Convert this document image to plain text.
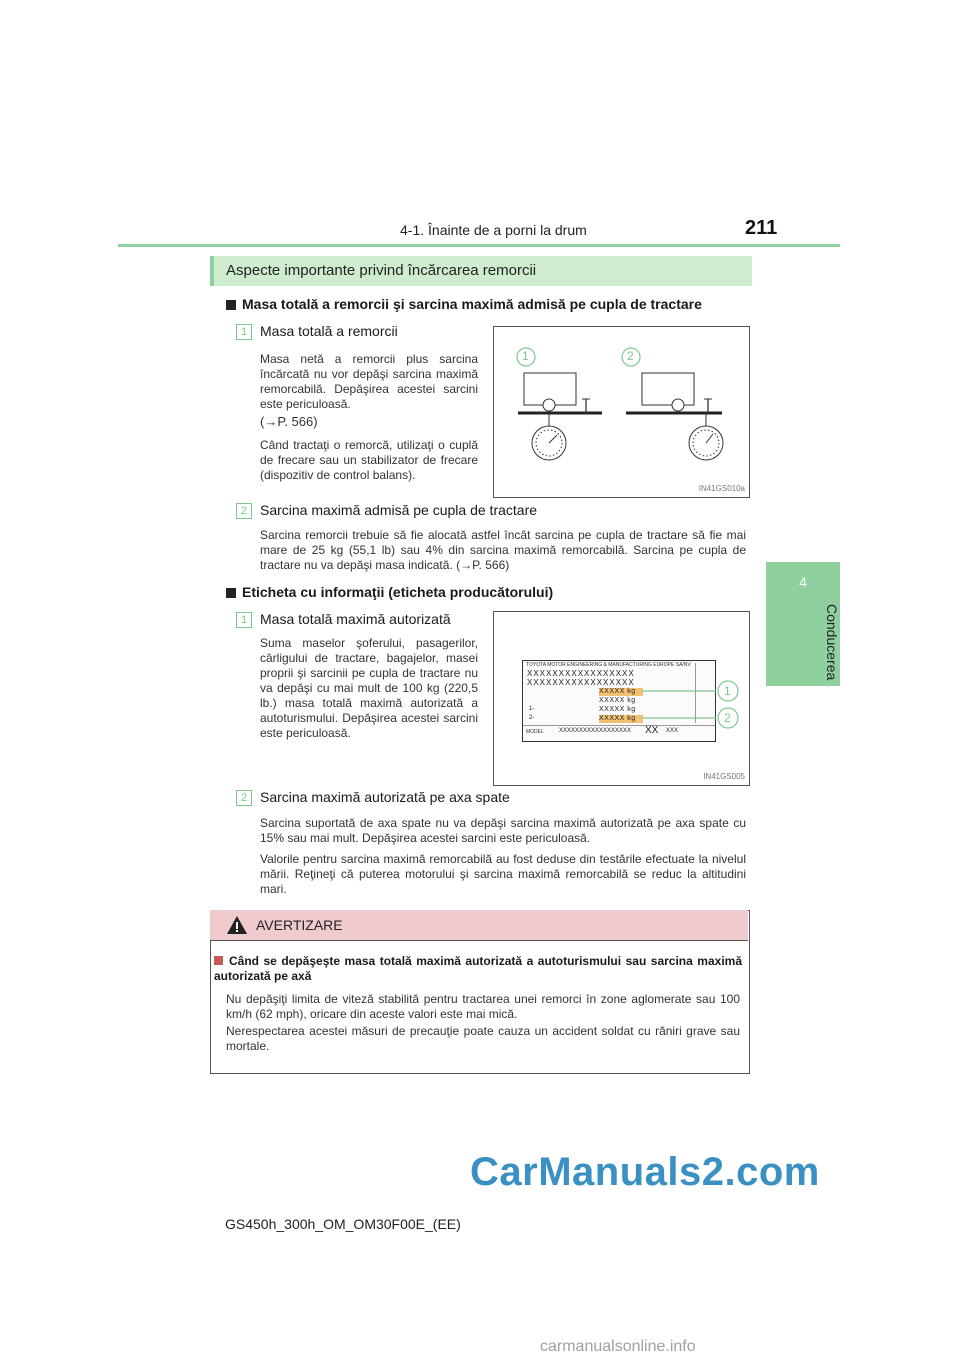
4-1. Înainte de a porni la drum	211
4
Conducerea
Aspecte importante privind încărcarea remorcii
Masa totală a remorcii şi sarcina maximă admisă pe cupla de tractare
1 Masa totală a remorcii
Masa netă a remorcii plus sarcina încărcată nu vor depăşi sarcina maximă remorcabilă. Depăşirea acestei sarcini este periculoasă.
(→P. 566)
Când tractaţi o remorcă, utilizaţi o cuplă de frecare sau un stabilizator de frecare (dispozitiv de control balans).
1	2
IN41GS010a
2 Sarcina maximă admisă pe cupla de tractare
Sarcina remorcii trebuie să fie alocată astfel încât sarcina pe cupla de tractare să fie mai mare de 25 kg (55,1 lb) sau 4% din sarcina maximă remorcabilă. Sarcina pe cupla de tractare nu va depăşi masa indicată. (→P. 566)
Eticheta cu informaţii (eticheta producătorului)
1 Masa totală maximă autorizată
Suma maselor şoferului, pasagerilor, cârligului de tractare, bagajelor, masei proprii şi sarcinii pe cupla de tractare nu va depăşi cu mai mult de 100 kg (220,5 lb.) masa totală maximă autorizată a autoturismului. Depăşirea acestei sarcini este periculoasă.
TOYOTA MOTOR ENGINEERING & MANUFACTURING EUROPE SA/NV
XXXXXXXXXXXXXXXXX
XXXXXXXXXXXXXXXXX
XXXXX kg
XXXXX kg
1-	XXXXX kg
2-	XXXXX kg
MODEL	XXXXXXXXXXXXXXXXXX XX XXX
1
2
IN41GS005
2 Sarcina maximă autorizată pe axa spate
Sarcina suportată de axa spate nu va depăşi sarcina maximă autorizată pe axa spate cu 15% sau mai mult. Depăşirea acestei sarcini este periculoasă.
Valorile pentru sarcina maximă remorcabilă au fost deduse din testările efectuate la nivelul mării. Reţineţi că puterea motorului şi sarcina maximă remorcabilă se reduc la altitudini mari.
AVERTIZARE
Când se depăşeşte masa totală maximă autorizată a autoturismului sau sarcina maximă autorizată pe axă
Nu depăşiţi limita de viteză stabilită pentru tractarea unei remorci în zone aglomerate sau 100 km/h (62 mph), oricare din aceste valori este mai mică.
Nerespectarea acestei măsuri de precauţie poate cauza un accident soldat cu răniri grave sau mortale.
CarManuals2.com
GS450h_300h_OM_OM30F00E_(EE)
carmanualsonline.info
